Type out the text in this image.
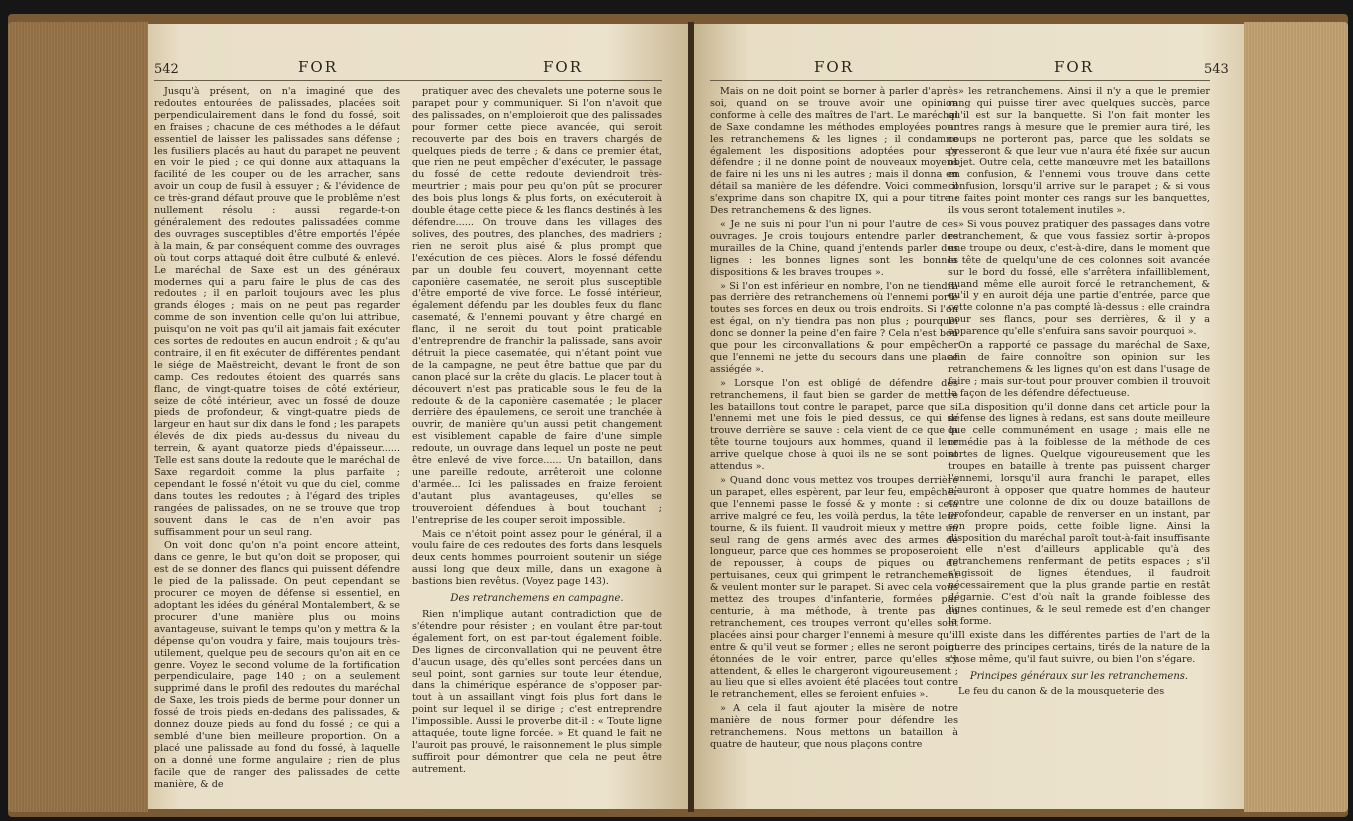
542	FOR	FOR

Jusqu'à présent, on n'a imaginé que des redoutes entourées de palissades, placées soit perpendiculairement dans le fond du fossé, soit en fraises ; chacune de ces méthodes a le défaut essentiel de laisser les palissades sans défense ; les fusiliers placés au haut du parapet ne peuvent en voir le pied ; ce qui donne aux attaquans la facilité de les couper ou de les arracher, sans avoir un coup de fusil à essuyer ; & l'évidence de ce très-grand défaut prouve que le problême n'est nullement résolu : aussi regarde-t-on généralement des redoutes palissadées comme des ouvrages susceptibles d'être emportés l'épée à la main, & par conséquent comme des ouvrages où tout corps attaqué doit être culbuté & enlevé. Le maréchal de Saxe est un des généraux modernes qui a paru faire le plus de cas des redoutes ; il en parloit toujours avec les plus grands éloges ; mais on ne peut pas regarder comme de son invention celle qu'on lui attribue, puisqu'on ne voit pas qu'il ait jamais fait exécuter ces sortes de redoutes en aucun endroit ; & qu'au contraire, il en fit exécuter de différentes pendant le siége de Maëstreicht, devant le front de son camp. Ces redoutes étoient des quarrés sans flanc, de vingt-quatre toises de côté extérieur, seize de côté intérieur, avec un fossé de douze pieds de profondeur, & vingt-quatre pieds de largeur en haut sur dix dans le fond ; les parapets élevés de dix pieds au-dessus du niveau du terrein, & ayant quatorze pieds d'épaisseur...... Telle est sans doute la redoute que le maréchal de Saxe regardoit comme la plus parfaite ; cependant le fossé n'étoit vu que du ciel, comme dans toutes les redoutes ; à l'égard des triples rangées de palissades, on ne se trouve que trop souvent dans le cas de n'en avoir pas suffisamment pour un seul rang.

On voit donc qu'on n'a point encore atteint, dans ce genre, le but qu'on doit se proposer, qui est de se donner des flancs qui puissent défendre le pied de la palissade. On peut cependant se procurer ce moyen de défense si essentiel, en adoptant les idées du général Montalembert, & se procurer d'une manière plus ou moins avantageuse, suivant le temps qu'on y mettra & la dépense qu'on voudra y faire, mais toujours très-utilement, quelque peu de secours qu'on ait en ce genre. Voyez le second volume de la fortification perpendiculaire, page 140 ; on a seulement supprimé dans le profil des redoutes du maréchal de Saxe, les trois pieds de berme pour donner un fossé de trois pieds en-dedans des palissades, & donnez douze pieds au fond du fossé ; ce qui a semblé d'une bien meilleure proportion. On a placé une palissade au fond du fossé, à laquelle on a donné une forme angulaire ; rien de plus facile que de ranger des palissades de cette manière, & de

pratiquer avec des chevalets une poterne sous le parapet pour y communiquer. Si l'on n'avoit que des palissades, on n'emploieroit que des palissades pour former cette piece avancée, qui seroit recouverte par des bois en travers chargés de quelques pieds de terre ; & dans ce premier état, que rien ne peut empêcher d'exécuter, le passage du fossé de cette redoute deviendroit très-meurtrier ; mais pour peu qu'on pût se procurer des bois plus longs & plus forts, on exécuteroit à double étage cette piece & les flancs destinés à les défendre...... On trouve dans les villages des solives, des poutres, des planches, des madriers ; rien ne seroit plus aisé & plus prompt que l'exécution de ces pièces. Alors le fossé défendu par un double feu couvert, moyennant cette caponière casematée, ne seroit plus susceptible d'être emporté de vive force. Le fossé intérieur, également défendu par les doubles feux du flanc casematé, & l'ennemi pouvant y être chargé en flanc, il ne seroit du tout point praticable d'entreprendre de franchir la palissade, sans avoir détruit la piece casematée, qui n'étant point vue de la campagne, ne peut être battue que par du canon placé sur la crête du glacis. Le placer tout à découvert n'est pas praticable sous le feu de la redoute & de la caponière casematée ; le placer derrière des épaulemens, ce seroit une tranchée à ouvrir, de manière qu'un aussi petit changement est visiblement capable de faire d'une simple redoute, un ouvrage dans lequel un poste ne peut être enlevé de vive force...... Un bataillon, dans une pareille redoute, arrêteroit une colonne d'armée... Ici les palissades en fraize feroient d'autant plus avantageuses, qu'elles se trouveroient défendues à bout touchant ; l'entreprise de les couper seroit impossible.

Mais ce n'étoit point assez pour le général, il a voulu faire de ces redoutes des forts dans lesquels deux cents hommes pourroient soutenir un siége aussi long que deux mille, dans un exagone à bastions bien revêtus. (Voyez page 143).

Des retranchemens en campagne.

Rien n'implique autant contradiction que de s'étendre pour résister ; en voulant être par-tout également fort, on est par-tout également foible. Des lignes de circonvallation qui ne peuvent être d'aucun usage, dès qu'elles sont percées dans un seul point, sont garnies sur toute leur étendue, dans la chimérique espérance de s'opposer par-tout à un assaillant vingt fois plus fort dans le point sur lequel il se dirige ; c'est entreprendre l'impossible. Aussi le proverbe dit-il : « Toute ligne attaquée, toute ligne forcée. » Et quand le fait ne l'auroit pas prouvé, le raisonnement le plus simple suffiroit pour démontrer que cela ne peut être autrement.

FOR	FOR	543

Mais on ne doit point se borner à parler d'après soi, quand on se trouve avoir une opinion conforme à celle des maîtres de l'art. Le maréchal de Saxe condamne les méthodes employées pour les retranchemens & les lignes ; il condamne également les dispositions adoptées pour s'y défendre ; il ne donne point de nouveaux moyens de faire ni les uns ni les autres ; mais il donna en détail sa manière de les défendre. Voici comme il s'exprime dans son chapitre IX, qui a pour titre : Des retranchemens & des lignes.

« Je ne suis ni pour l'un ni pour l'autre de ces ouvrages. Je crois toujours entendre parler des murailles de la Chine, quand j'entends parler des lignes : les bonnes lignes sont les bonnes dispositions & les braves troupes ».

» Si l'on est inférieur en nombre, l'on ne tiendra pas derrière des retranchemens où l'ennemi porte toutes ses forces en deux ou trois endroits. Si l'on est égal, on n'y tiendra pas non plus ; pourquoi donc se donner la peine d'en faire ? Cela n'est bon que pour les circonvallations & pour empêcher que l'ennemi ne jette du secours dans une place assiégée ».

» Lorsque l'on est obligé de défendre des retranchemens, il faut bien se garder de mettre les bataillons tout contre le parapet, parce que si l'ennemi met une fois le pied dessus, ce qui se trouve derrière se sauve : cela vient de ce que la tête tourne toujours aux hommes, quand il leur arrive quelque chose à quoi ils ne se sont point attendus ».

» Quand donc vous mettez vos troupes derrière un parapet, elles espèrent, par leur feu, empêcher que l'ennemi passe le fossé & y monte : si cela arrive malgré ce feu, les voilà perdus, la tête leur tourne, & ils fuient. Il vaudroit mieux y mettre un seul rang de gens armés avec des armes de longueur, parce que ces hommes se proposeroient de repousser, à coups de piques ou de pertuisanes, ceux qui grimpent le retranchement & veulent monter sur le parapet. Si avec cela vous mettez des troupes d'infanterie, formées par centurie, à ma méthode, à trente pas du retranchement, ces troupes verront qu'elles sont placées ainsi pour charger l'ennemi à mesure qu'il entre & qu'il veut se former ; elles ne seront point étonnées de le voir entrer, parce qu'elles s'y attendent, & elles le chargeront vigoureusement ; au lieu que si elles avoient été placées tout contre le retranchement, elles se feroient enfuies ».

» A cela il faut ajouter la misère de notre manière de nous former pour défendre les retranchemens. Nous mettons un bataillon à quatre de hauteur, que nous plaçons contre

» les retranchemens. Ainsi il n'y a que le premier rang qui puisse tirer avec quelques succès, parce qu'il est sur la banquette. Si l'on fait monter les autres rangs à mesure que le premier aura tiré, les coups ne porteront pas, parce que les soldats se presseront & que leur vue n'aura été fixée sur aucun objet. Outre cela, cette manœuvre met les bataillons en confusion, & l'ennemi vous trouve dans cette confusion, lorsqu'il arrive sur le parapet ; & si vous ne faites point monter ces rangs sur les banquettes, ils vous seront totalement inutiles ».

» Si vous pouvez pratiquer des passages dans votre retranchement, & que vous fassiez sortir à-propos une troupe ou deux, c'est-à-dire, dans le moment que la tête de quelqu'une de ces colonnes soit avancée sur le bord du fossé, elle s'arrêtera infailliblement, quand même elle auroit forcé le retranchement, & qu'il y en auroit déja une partie d'entrée, parce que cette colonne n'a pas compté là-dessus : elle craindra pour ses flancs, pour ses derrières, & il y a apparence qu'elle s'enfuira sans savoir pourquoi ».

On a rapporté ce passage du maréchal de Saxe, afin de faire connoître son opinion sur les retranchemens & les lignes qu'on est dans l'usage de faire ; mais sur-tout pour prouver combien il trouvoit la façon de les défendre défectueuse.

La disposition qu'il donne dans cet article pour la défense des lignes à redans, est sans doute meilleure que celle communément en usage ; mais elle ne remédie pas à la foiblesse de la méthode de ces sortes de lignes. Quelque vigoureusement que les troupes en bataille à trente pas puissent charger l'ennemi, lorsqu'il aura franchi le parapet, elles n'auront à opposer que quatre hommes de hauteur contre une colonne de dix ou douze bataillons de profondeur, capable de renverser en un instant, par son propre poids, cette foible ligne. Ainsi la disposition du maréchal paroît tout-à-fait insuffisante ; elle n'est d'ailleurs applicable qu'à des retranchemens renfermant de petits espaces ; s'il s'agissoit de lignes étendues, il faudroit nécessairement que la plus grande partie en restât dégarnie. C'est d'où naît la grande foiblesse des lignes continues, & le seul remede est d'en changer la forme.

Il existe dans les différentes parties de l'art de la guerre des principes certains, tirés de la nature de la chose même, qu'il faut suivre, ou bien l'on s'égare.

Principes généraux sur les retranchemens.

Le feu du canon & de la mousqueterie des
